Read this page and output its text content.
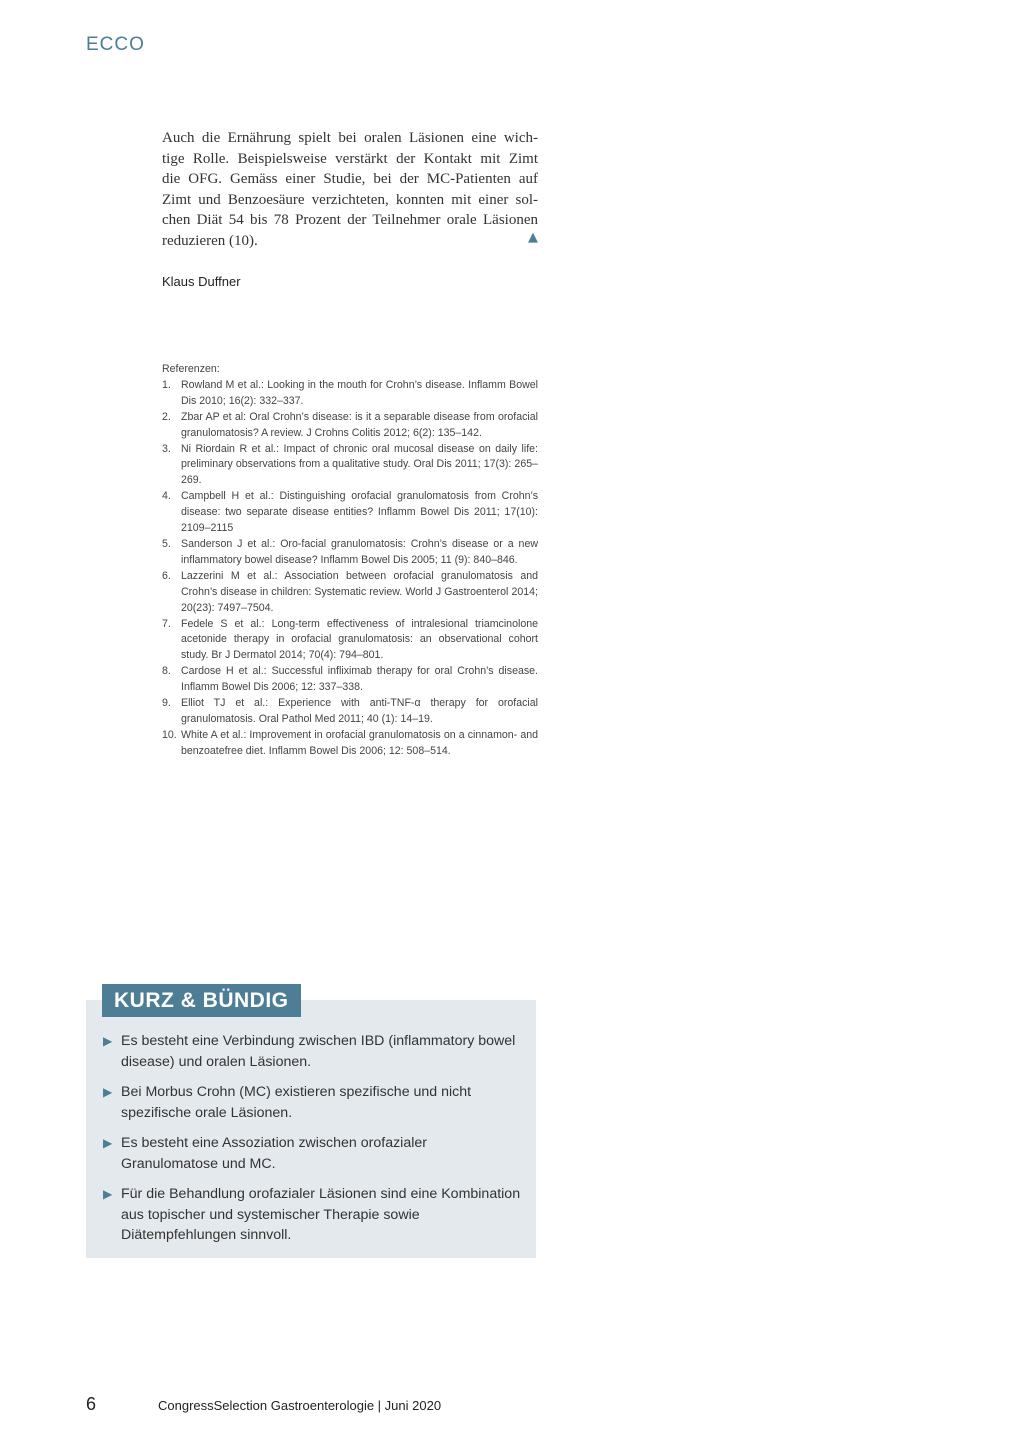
ECCO
Auch die Ernährung spielt bei oralen Läsionen eine wich-
tige Rolle. Beispielsweise verstärkt der Kontakt mit Zimt
die OFG. Gemäss einer Studie, bei der MC-Patienten auf
Zimt und Benzoesäure verzichteten, konnten mit einer sol-
chen Diät 54 bis 78 Prozent der Teilnehmer orale Läsionen
reduzieren (10).	▲
Klaus Duffner

Referenzen:

1. Rowland M et al.: Looking in the mouth for Crohn’s disease. Inflamm Bowel Dis 2010; 16(2): 332–337.
2. Zbar AP et al: Oral Crohn’s disease: is it a separable disease from orofacial granulomatosis? A review. J Crohns Colitis 2012; 6(2): 135–142.
3. Ni Riordain R et al.: Impact of chronic oral mucosal disease on daily life: preliminary observations from a qualitative study. Oral Dis 2011; 17(3): 265–269.
4. Campbell H et al.: Distinguishing orofacial granulomatosis from Crohn’s disease: two separate disease entities? Inflamm Bowel Dis 2011; 17(10): 2109–2115
5. Sanderson J et al.: Oro-facial granulomatosis: Crohn’s disease or a new inflammatory bowel disease? Inflamm Bowel Dis 2005; 11 (9): 840–846.
6. Lazzerini M et al.: Association between orofacial granulomatosis and Crohn’s disease in children: Systematic review. World J Gastroenterol 2014; 20(23): 7497–7504.
7. Fedele S et al.: Long-term effectiveness of intralesional triamcinolone acetonide therapy in orofacial granulomatosis: an observational cohort study. Br J Dermatol 2014; 70(4): 794–801.
8. Cardose H et al.: Successful infliximab therapy for oral Crohn’s disease. Inflamm Bowel Dis 2006; 12: 337–338.
9. Elliot TJ et al.: Experience with anti-TNF-α therapy for orofacial granulomatosis. Oral Pathol Med 2011; 40 (1): 14–19.
10. White A et al.: Improvement in orofacial granulomatosis on a cinnamon- and benzoatefree diet. Inflamm Bowel Dis 2006; 12: 508–514.
KURZ & BÜNDIG
▶ Es besteht eine Verbindung zwischen IBD (inflammatory bowel disease) und oralen Läsionen.
▶ Bei Morbus Crohn (MC) existieren spezifische und nicht spezifische orale Läsionen.
▶ Es besteht eine Assoziation zwischen orofazialer Granulomatose und MC.
▶ Für die Behandlung orofazialer Läsionen sind eine Kombination aus topischer und systemischer Therapie sowie Diätempfehlungen sinnvoll.
6	CongressSelection Gastroenterologie | Juni 2020
